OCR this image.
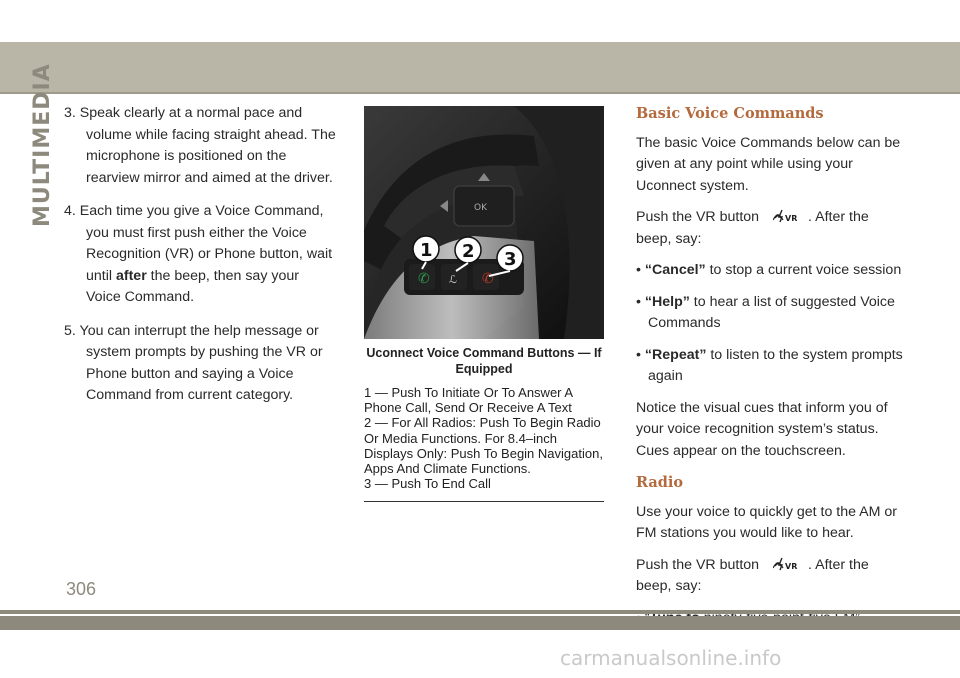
MULTIMEDIA 3. Speak clearly at a normal pace and volume while facing straight ahead. The microphone is positioned on the rearview mirror and aimed at the driver.

4. Each time you give a Voice Command, you must first push either the Voice Recognition (VR) or Phone button, wait until after the beep, then say your Voice Command.

5. You can interrupt the help message or system prompts by pushing the VR or Phone button and saying a Voice Command from current category.

✆ ℒ ✆
OK
1 2 3
Uconnect Voice Command Buttons — If Equipped
1 — Push To Initiate Or To Answer A Phone Call, Send Or Receive A Text
2 — For All Radios: Push To Begin Radio Or Media Functions. For 8.4–inch Displays Only: Push To Begin Navigation, Apps And Climate Functions.
3 — Push To End Call
Basic Voice Commands

The basic Voice Commands below can be given at any point while using your Uconnect system.

Push the VR button	VR . After the beep, say:

• “Cancel” to stop a current voice session

• “Help” to hear a list of suggested Voice Commands

• “Repeat” to listen to the system prompts again

Notice the visual cues that inform you of your voice recognition system’s status. Cues appear on the touchscreen.

Radio

Use your voice to quickly get to the AM or FM stations you would like to hear.

Push the VR button	VR . After the beep, say:

306
carmanualsonline.info
